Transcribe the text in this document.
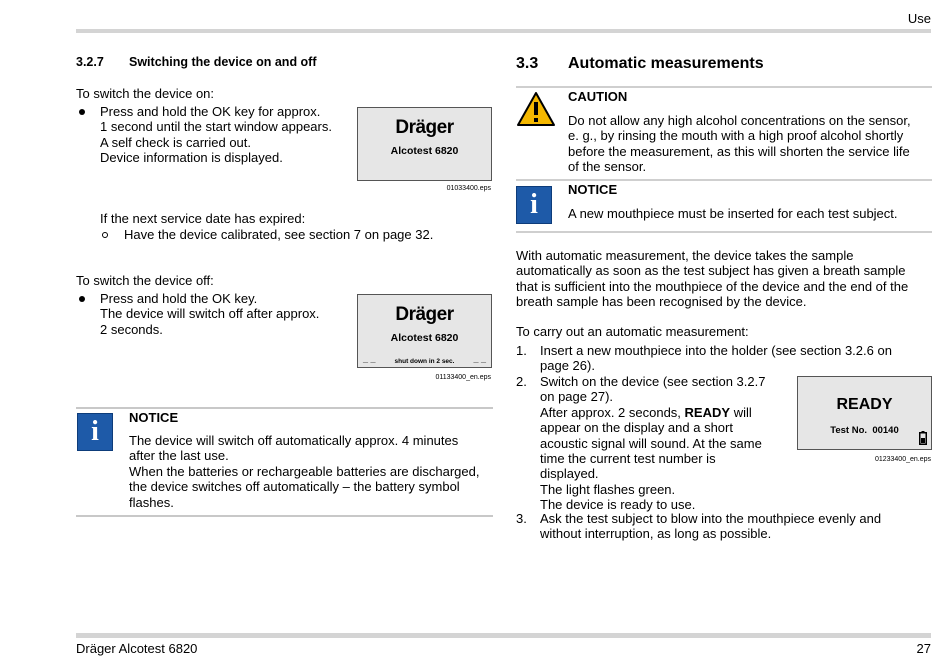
Use
3.2.7 Switching the device on and off
To switch the device on:
Press and hold the OK key for approx.
1 second until the start window appears.
A self check is carried out.
Device information is displayed.
Dräger
Alcotest 6820
01033400.eps
If the next service date has expired:
Have the device calibrated, see section 7 on page 32.
To switch the device off:
Press and hold the OK key.
The device will switch off after approx.
2 seconds.
Dräger
Alcotest 6820
_ _	shut down in 2 sec.	_ _
01133400_en.eps
i	NOTICE
The device will switch off automatically approx. 4 minutes
after the last use.
When the batteries or rechargeable batteries are discharged,
the device switches off automatically – the battery symbol
flashes.
3.3 Automatic measurements
CAUTION
Do not allow any high alcohol concentrations on the sensor,
e. g., by rinsing the mouth with a high proof alcohol shortly
before the measurement, as this will shorten the service life
of the sensor.
i	NOTICE
A new mouthpiece must be inserted for each test subject.
With automatic measurement, the device takes the sample
automatically as soon as the test subject has given a breath sample
that is sufficient into the mouthpiece of the device and the end of the
breath sample has been recognised by the device.
To carry out an automatic measurement:
1. Insert a new mouthpiece into the holder (see section 3.2.6 on
page 26).
2. Switch on the device (see section 3.2.7
on page 27).
After approx. 2 seconds, READY will
appear on the display and a short
acoustic signal will sound. At the same
time the current test number is
displayed.
The light flashes green.
The device is ready to use.
READY
Test No.  00140
01233400_en.eps
3. Ask the test subject to blow into the mouthpiece evenly and
without interruption, as long as possible.
Dräger Alcotest 6820	27
